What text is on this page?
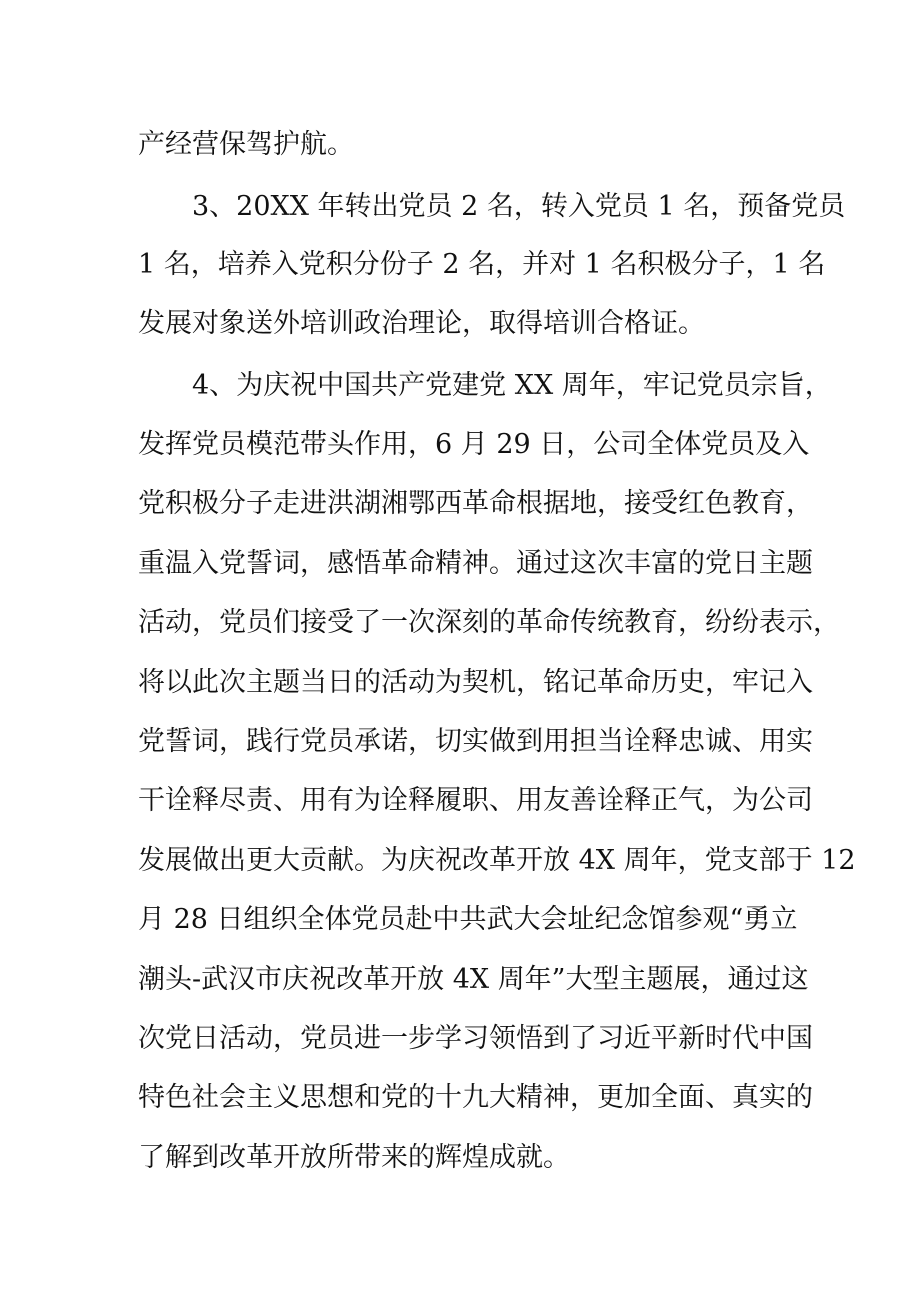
产经营保驾护航。
3、20XX 年转出党员 2 名，转入党员 1 名，预备党员
1 名，培养入党积分份子 2 名，并对 1 名积极分子，1 名
发展对象送外培训政治理论，取得培训合格证。
4、为庆祝中国共产党建党 XX 周年，牢记党员宗旨，
发挥党员模范带头作用，6 月 29 日，公司全体党员及入
党积极分子走进洪湖湘鄂西革命根据地，接受红色教育，
重温入党誓词，感悟革命精神。通过这次丰富的党日主题
活动，党员们接受了一次深刻的革命传统教育，纷纷表示，
将以此次主题当日的活动为契机，铭记革命历史，牢记入
党誓词，践行党员承诺，切实做到用担当诠释忠诚、用实
干诠释尽责、用有为诠释履职、用友善诠释正气，为公司
发展做出更大贡献。为庆祝改革开放 4X 周年，党支部于 12
月 28 日组织全体党员赴中共武大会址纪念馆参观“勇立
潮头-武汉市庆祝改革开放 4X 周年”大型主题展，通过这
次党日活动，党员进一步学习领悟到了习近平新时代中国
特色社会主义思想和党的十九大精神，更加全面、真实的
了解到改革开放所带来的辉煌成就。
